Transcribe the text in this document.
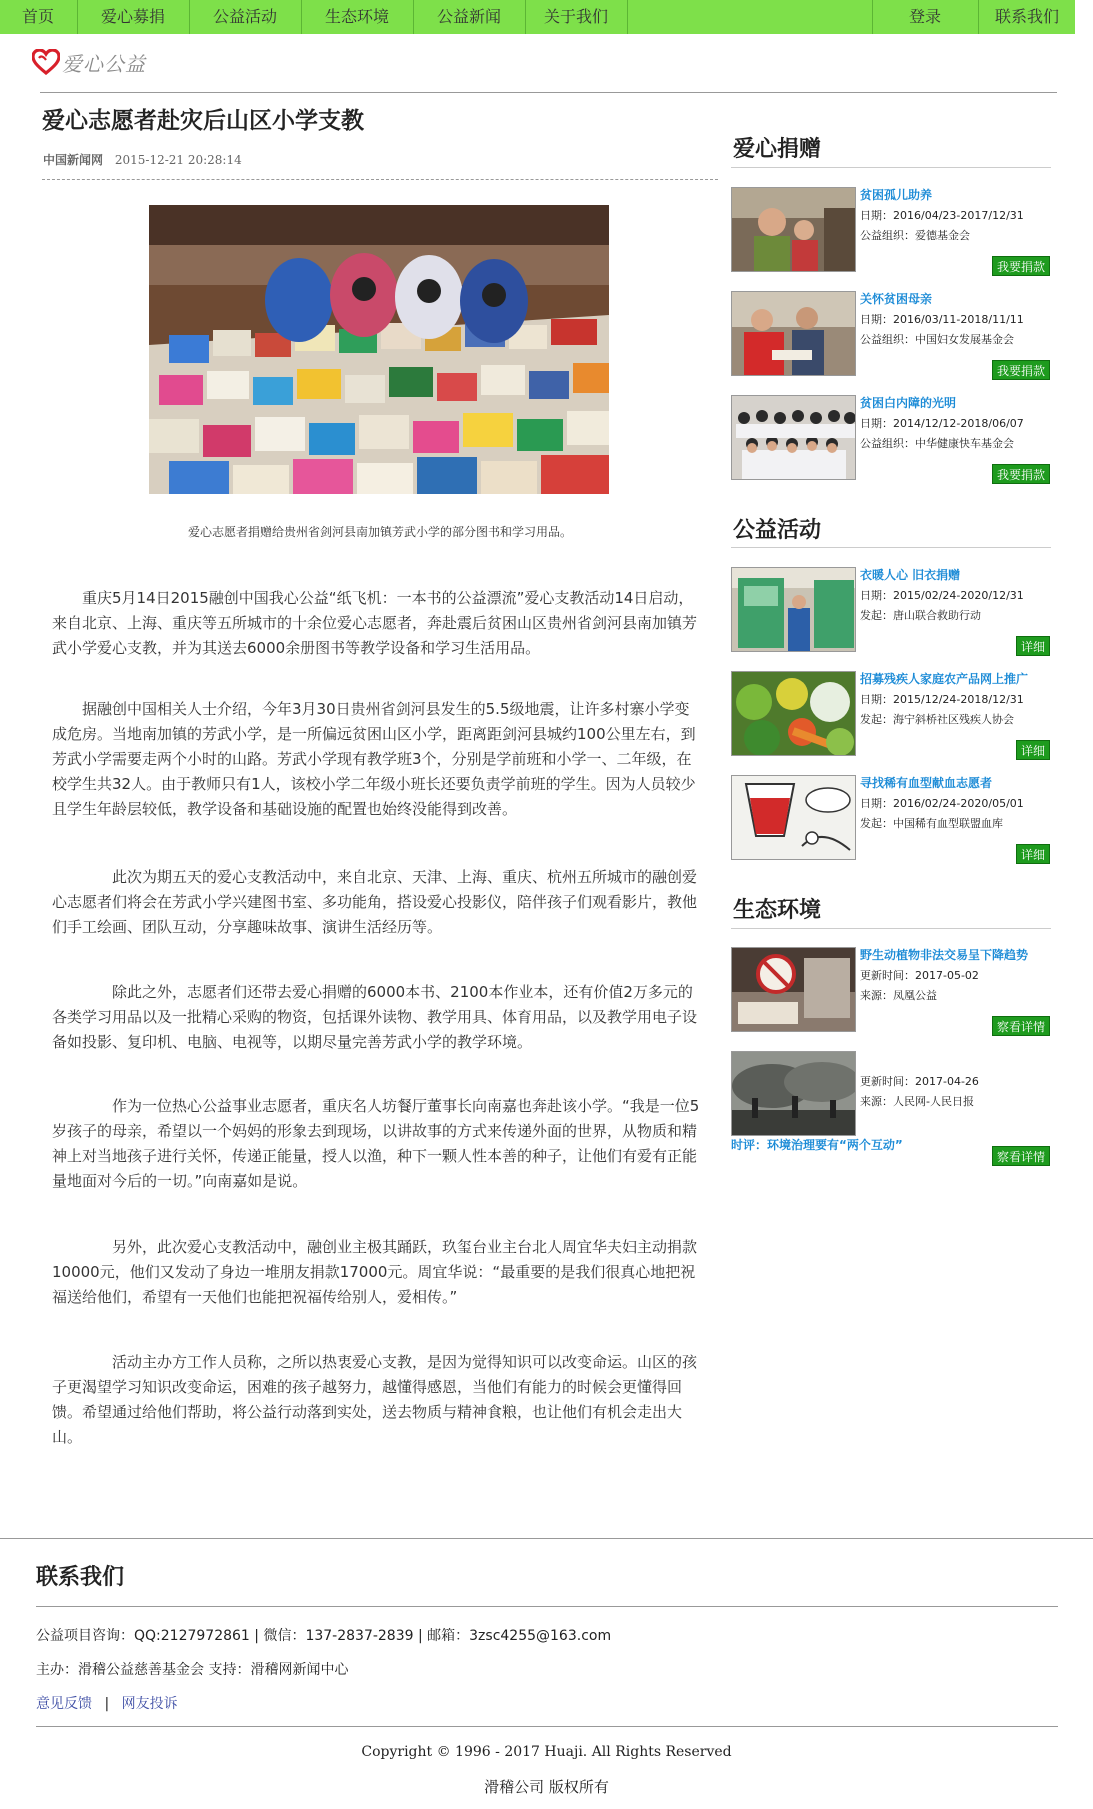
首页	爱心募捐	公益活动	生态环境	公益新闻	关于我们	登录	联系我们
爱心公益
爱心志愿者赴灾后山区小学支教
中国新闻网 2015-12-21 20:28:14
爱心志愿者捐赠给贵州省剑河县南加镇芳武小学的部分图书和学习用品。
重庆5月14日2015融创中国我心公益“纸飞机：一本书的公益漂流”爱心支教活动14日启动，来自北京、上海、重庆等五所城市的十余位爱心志愿者，奔赴震后贫困山区贵州省剑河县南加镇芳武小学爱心支教，并为其送去6000余册图书等教学设备和学习生活用品。
据融创中国相关人士介绍，今年3月30日贵州省剑河县发生的5.5级地震，让许多村寨小学变成危房。当地南加镇的芳武小学，是一所偏远贫困山区小学，距离距剑河县城约100公里左右，到芳武小学需要走两个小时的山路。芳武小学现有教学班3个，分别是学前班和小学一、二年级，在校学生共32人。由于教师只有1人，该校小学二年级小班长还要负责学前班的学生。因为人员较少且学生年龄层较低，教学设备和基础设施的配置也始终没能得到改善。
此次为期五天的爱心支教活动中，来自北京、天津、上海、重庆、杭州五所城市的融创爱心志愿者们将会在芳武小学兴建图书室、多功能角，搭设爱心投影仪，陪伴孩子们观看影片，教他们手工绘画、团队互动，分享趣味故事、演讲生活经历等。
除此之外，志愿者们还带去爱心捐赠的6000本书、2100本作业本，还有价值2万多元的各类学习用品以及一批精心采购的物资，包括课外读物、教学用具、体育用品，以及教学用电子设备如投影、复印机、电脑、电视等，以期尽量完善芳武小学的教学环境。
作为一位热心公益事业志愿者，重庆名人坊餐厅董事长向南嘉也奔赴该小学。“我是一位5岁孩子的母亲，希望以一个妈妈的形象去到现场，以讲故事的方式来传递外面的世界，从物质和精神上对当地孩子进行关怀，传递正能量，授人以渔，种下一颗人性本善的种子，让他们有爱有正能量地面对今后的一切。”向南嘉如是说。
另外，此次爱心支教活动中，融创业主极其踊跃，玖玺台业主台北人周宜华夫妇主动捐款10000元，他们又发动了身边一堆朋友捐款17000元。周宜华说：“最重要的是我们很真心地把祝福送给他们，希望有一天他们也能把祝福传给别人，爱相传。”
活动主办方工作人员称，之所以热衷爱心支教，是因为觉得知识可以改变命运。山区的孩子更渴望学习知识改变命运，困难的孩子越努力，越懂得感恩，当他们有能力的时候会更懂得回馈。希望通过给他们帮助，将公益行动落到实处，送去物质与精神食粮，也让他们有机会走出大山。
爱心捐赠
贫困孤儿助养
日期：2016/04/23-2017/12/31
公益组织：爱德基金会
我要捐款
关怀贫困母亲
日期：2016/03/11-2018/11/11
公益组织：中国妇女发展基金会
我要捐款
贫困白内障的光明
日期：2014/12/12-2018/06/07
公益组织：中华健康快车基金会
我要捐款
公益活动
衣暖人心 旧衣捐赠
日期：2015/02/24-2020/12/31
发起：唐山联合救助行动
详细
招募残疾人家庭农产品网上推广
日期：2015/12/24-2018/12/31
发起：海宁斜桥社区残疾人协会
详细
寻找稀有血型献血志愿者
日期：2016/02/24-2020/05/01
发起：中国稀有血型联盟血库
详细
生态环境
野生动植物非法交易呈下降趋势
更新时间：2017-05-02
来源：凤凰公益
察看详情
更新时间：2017-04-26
来源：人民网-人民日报
时评：环境治理要有“两个互动”
察看详情
联系我们
公益项目咨询：QQ:2127972861 | 微信：137-2837-2839 | 邮箱：3zsc4255@163.com
主办：滑稽公益慈善基金会 支持：滑稽网新闻中心
意见反馈 | 网友投诉
Copyright © 1996 - 2017 Huaji. All Rights Reserved
滑稽公司 版权所有
